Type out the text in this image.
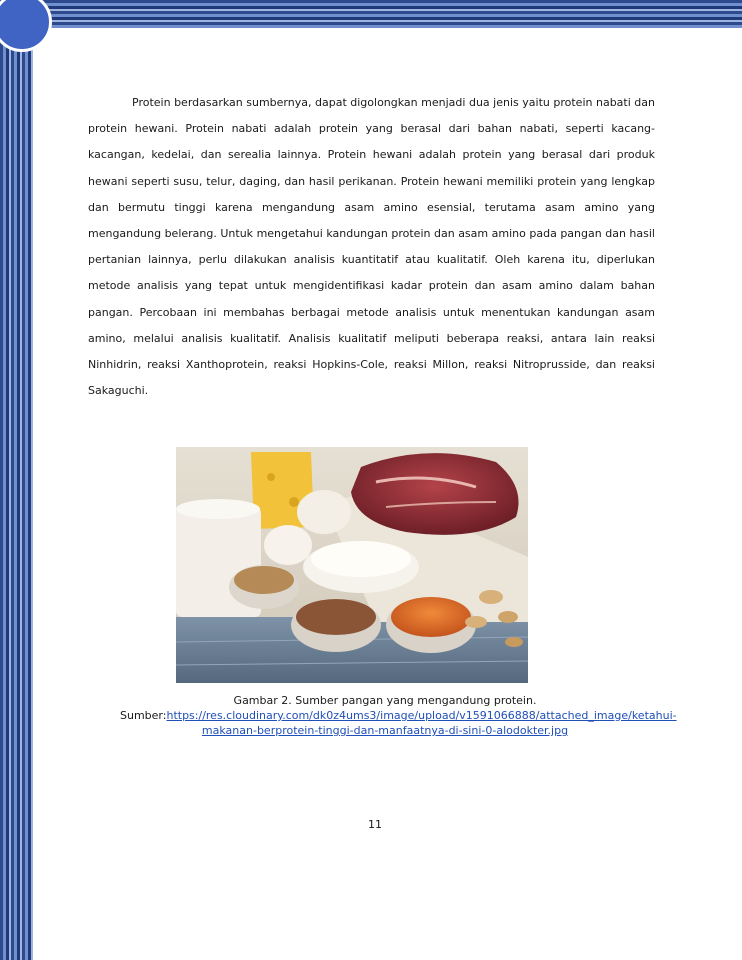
Protein berdasarkan sumbernya, dapat digolongkan menjadi dua jenis yaitu protein nabati dan protein hewani. Protein nabati adalah protein yang berasal dari bahan nabati, seperti kacang-kacangan, kedelai, dan serealia lainnya. Protein hewani adalah protein yang berasal dari produk hewani seperti susu, telur, daging, dan hasil perikanan. Protein hewani memiliki protein yang lengkap dan bermutu tinggi karena mengandung asam amino esensial, terutama asam amino yang mengandung belerang. Untuk mengetahui kandungan protein dan asam amino pada pangan dan hasil pertanian lainnya, perlu dilakukan analisis kuantitatif atau kualitatif. Oleh karena itu, diperlukan metode analisis yang tepat untuk mengidentifikasi kadar protein dan asam amino dalam bahan pangan. Percobaan ini membahas berbagai metode analisis untuk menentukan kandungan asam amino, melalui analisis kualitatif. Analisis kualitatif meliputi beberapa reaksi, antara lain reaksi Ninhidrin, reaksi Xanthoprotein, reaksi Hopkins-Cole, reaksi Millon, reaksi Nitroprusside, dan reaksi Sakaguchi.

Gambar 2. Sumber pangan yang mengandung protein.
Sumber:https://res.cloudinary.com/dk0z4ums3/image/upload/v1591066888/attached_image/ketahui-makanan-berprotein-tinggi-dan-manfaatnya-di-sini-0-alodokter.jpg
11
